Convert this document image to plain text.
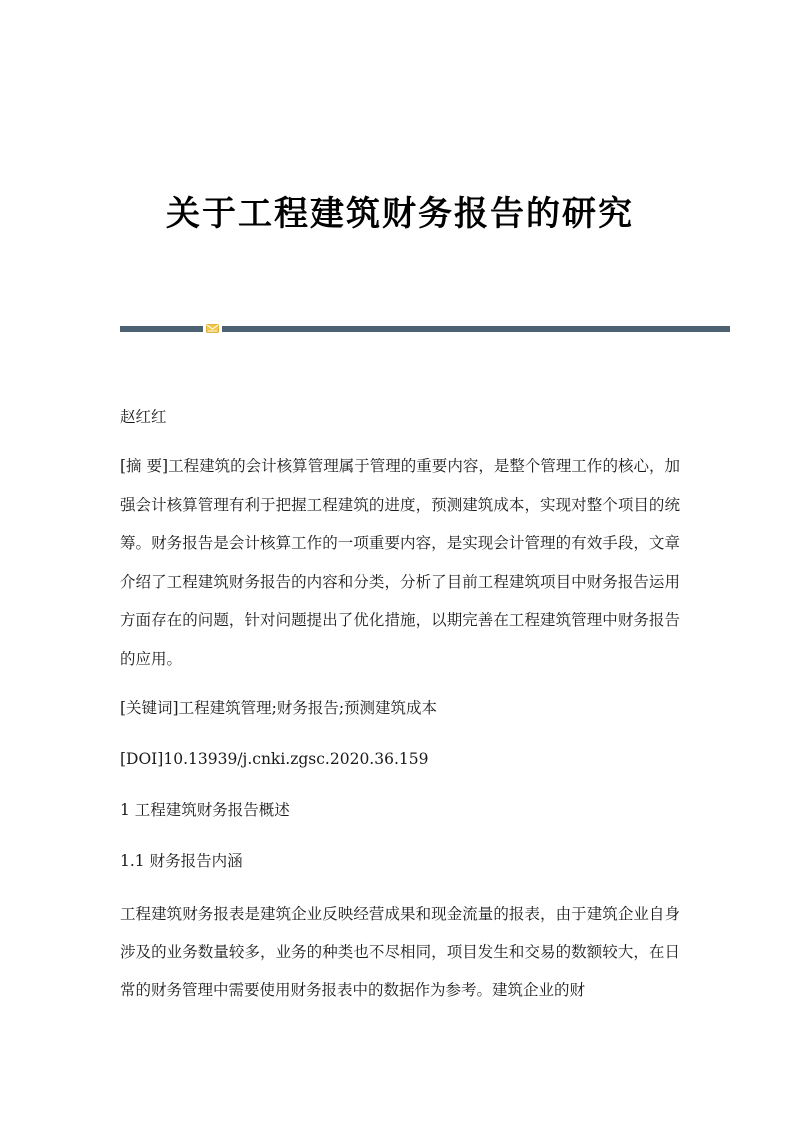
关于工程建筑财务报告的研究

赵红红

[摘 要]工程建筑的会计核算管理属于管理的重要内容，是整个管理工作的核心，加强会计核算管理有利于把握工程建筑的进度，预测建筑成本，实现对整个项目的统筹。财务报告是会计核算工作的一项重要内容，是实现会计管理的有效手段，文章介绍了工程建筑财务报告的内容和分类，分析了目前工程建筑项目中财务报告运用方面存在的问题，针对问题提出了优化措施，以期完善在工程建筑管理中财务报告的应用。

[关键词]工程建筑管理;财务报告;预测建筑成本

[DOI]10.13939/j.cnki.zgsc.2020.36.159

1 工程建筑财务报告概述

1.1 财务报告内涵

工程建筑财务报表是建筑企业反映经营成果和现金流量的报表，由于建筑企业自身涉及的业务数量较多，业务的种类也不尽相同，项目发生和交易的数额较大，在日常的财务管理中需要使用财务报表中的数据作为参考。建筑企业的财
